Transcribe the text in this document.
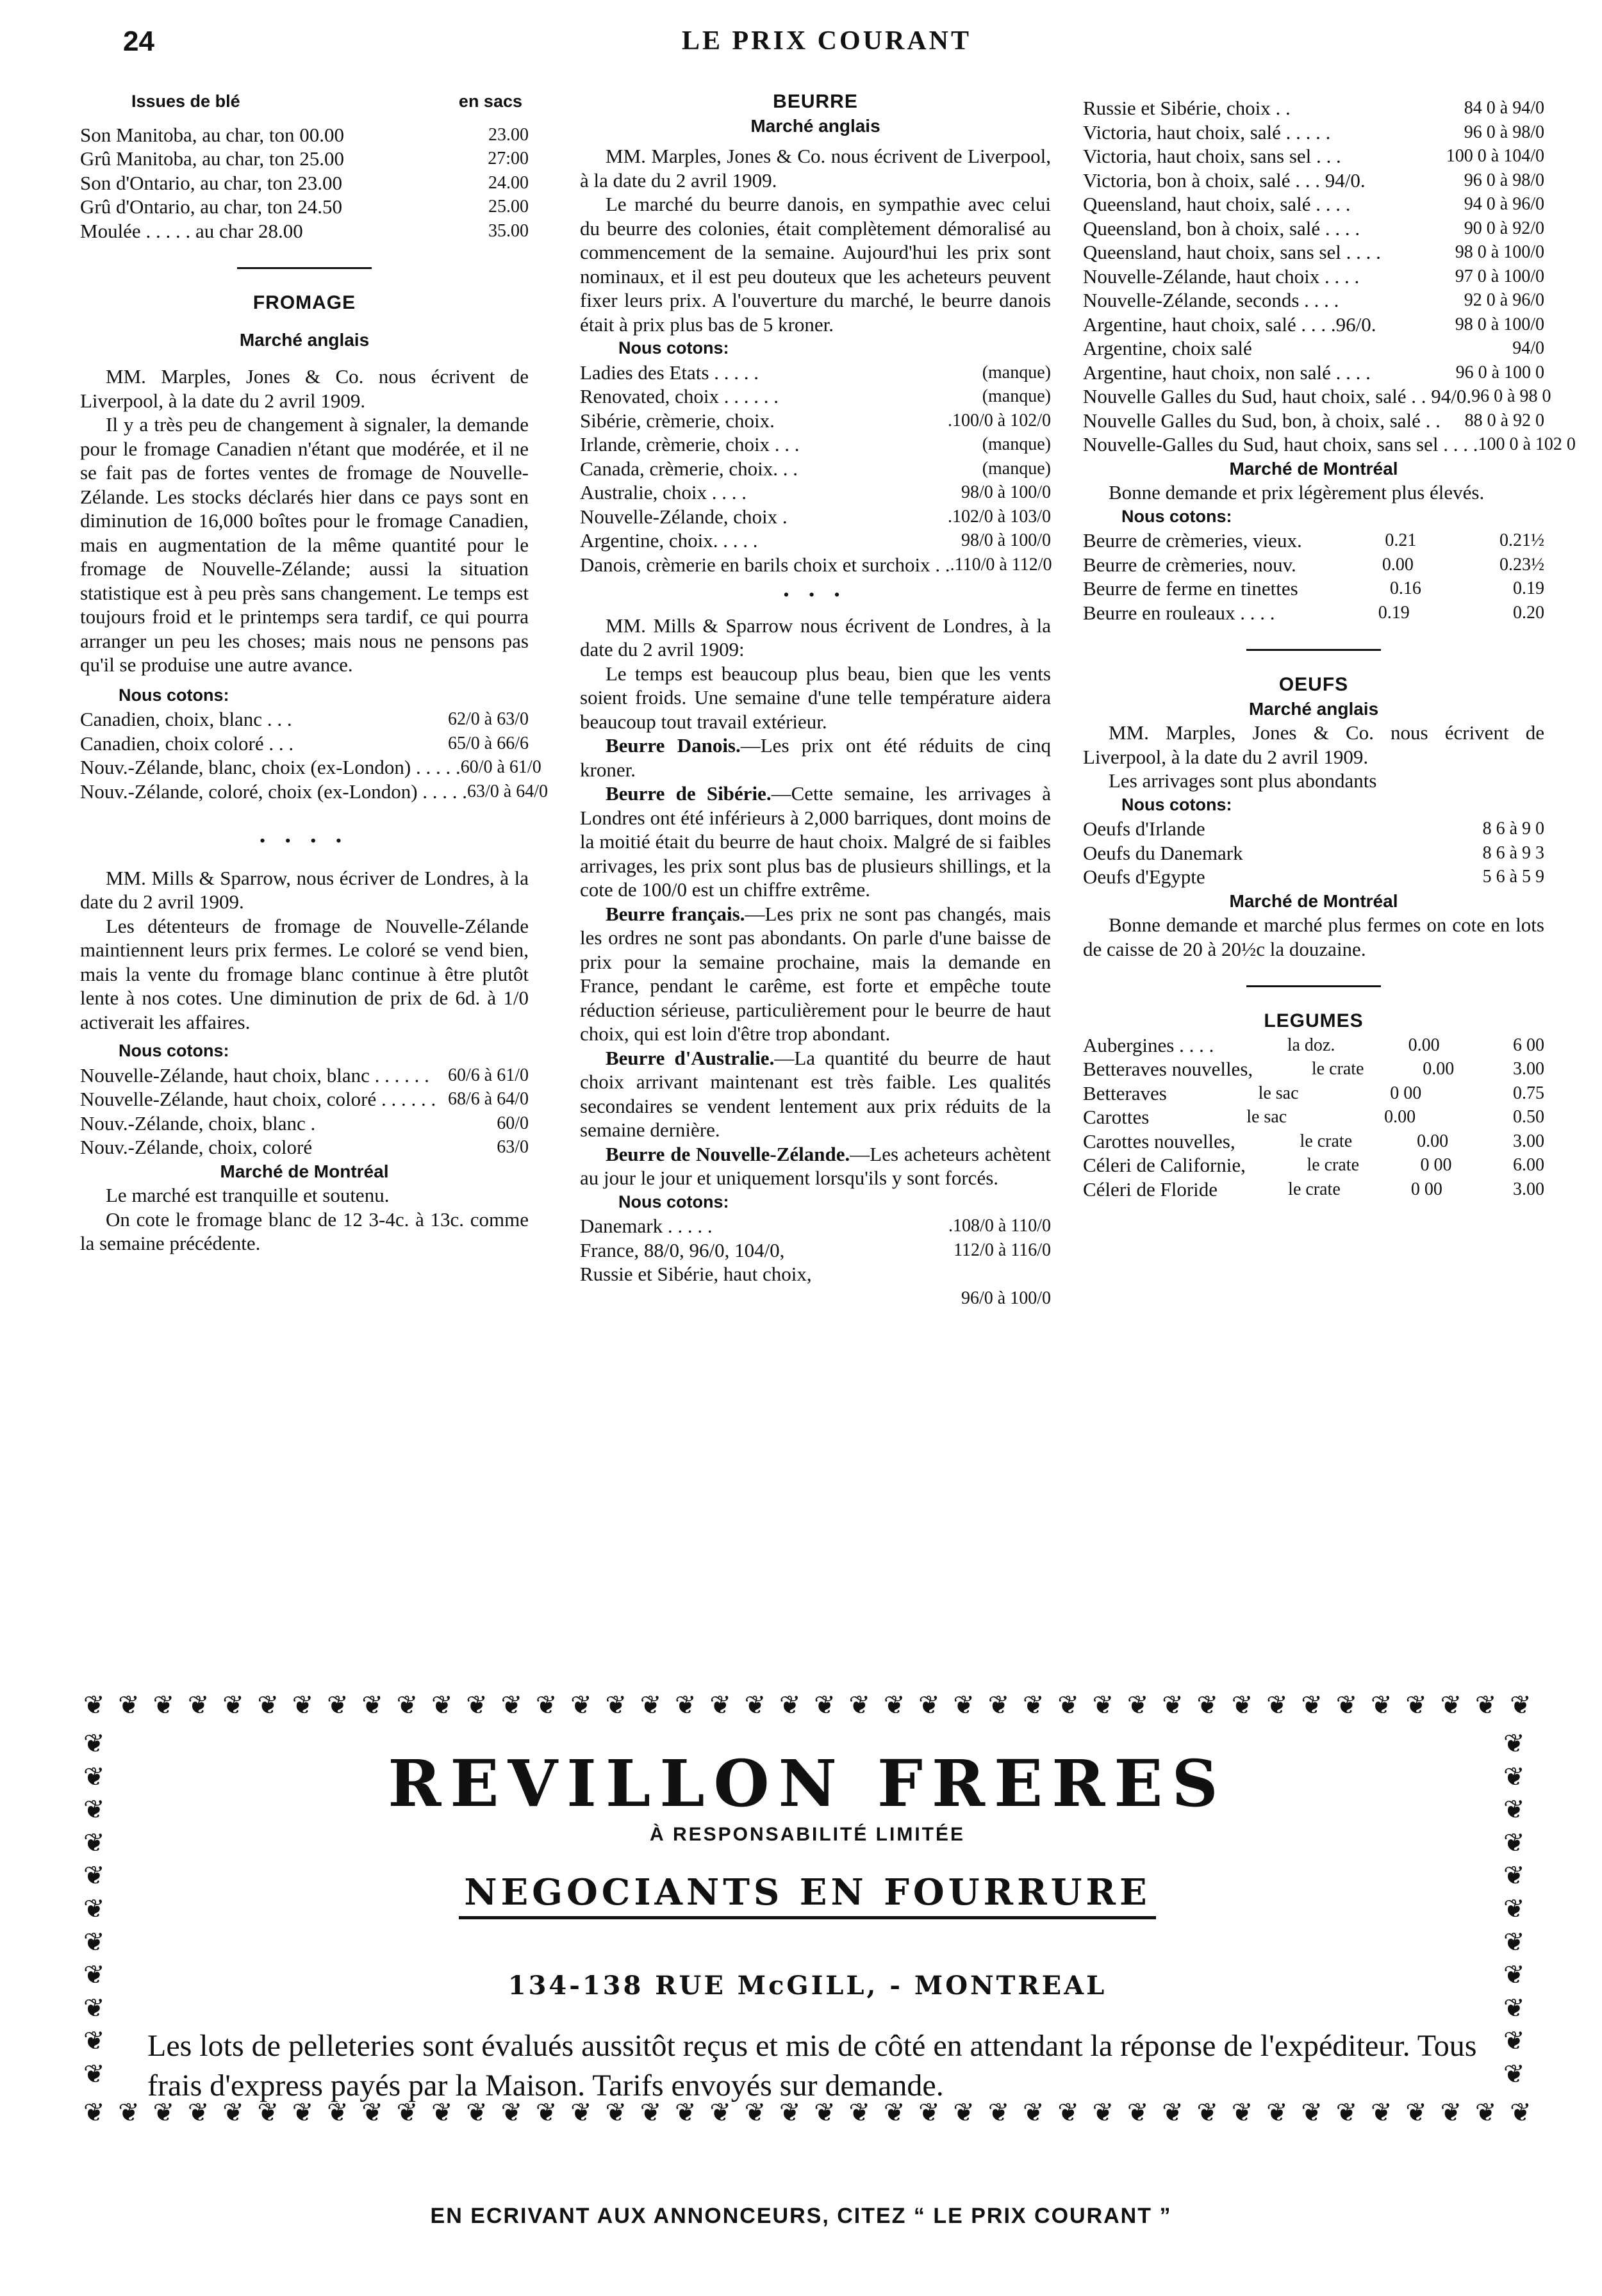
24	LE PRIX COURANT
Issues de blé	en sacs
Son Manitoba, au char, ton 00.00	23.00
Grû Manitoba, au char, ton 25.00	27:00
Son d'Ontario, au char, ton 23.00	24.00
Grû d'Ontario, au char, ton 24.50	25.00
Moulée . . . . . au char 28.00	35.00
FROMAGE
Marché anglais

MM. Marples, Jones & Co. nous écrivent de Liverpool, à la date du 2 avril 1909.

Il y a très peu de changement à signaler, la demande pour le fromage Canadien n'étant que modérée, et il ne se fait pas de fortes ventes de fromage de Nouvelle-Zélande. Les stocks déclarés hier dans ce pays sont en diminution de 16,000 boîtes pour le fromage Canadien, mais en augmentation de la même quantité pour le fromage de Nouvelle-Zélande; aussi la situation statistique est à peu près sans changement. Le temps est toujours froid et le printemps sera tardif, ce qui pourra arranger un peu les choses; mais nous ne pensons pas qu'il se produise une autre avance.

Nous cotons:
Canadien, choix, blanc . . .	62/0 à 63/0
Canadien, choix coloré . . .	65/0 à 66/6
Nouv.-Zélande, blanc, choix (ex-London) . . . . . 60/0 à 61/0
Nouv.-Zélande, coloré, choix (ex-London) . . . . . 63/0 à 64/0
• • • •

MM. Mills & Sparrow, nous écriver de Londres, à la date du 2 avril 1909.

Les détenteurs de fromage de Nouvelle-Zélande maintiennent leurs prix fermes. Le coloré se vend bien, mais la vente du fromage blanc continue à être plutôt lente à nos cotes. Une diminution de prix de 6d. à 1/0 activerait les affaires.

Nous cotons:
Nouvelle-Zélande, haut choix, blanc . . . . . . 60/6 à 61/0
Nouvelle-Zélande, haut choix, coloré . . . . . . 68/6 à 64/0
Nouv.-Zélande, choix, blanc .	60/0
Nouv.-Zélande, choix, coloré	63/0
Marché de Montréal

Le marché est tranquille et soutenu.

On cote le fromage blanc de 12 3-4c. à 13c. comme la semaine précédente.

BEURRE
Marché anglais

MM. Marples, Jones & Co. nous écrivent de Liverpool, à la date du 2 avril 1909.

Le marché du beurre danois, en sympathie avec celui du beurre des colonies, était complètement démoralisé au commencement de la semaine. Aujourd'hui les prix sont nominaux, et il est peu douteux que les acheteurs peuvent fixer leurs prix. A l'ouverture du marché, le beurre danois était à prix plus bas de 5 kroner.

Nous cotons:
Ladies des Etats . . . . .	(manque)
Renovated, choix . . . . . .	(manque)
Sibérie, crèmerie, choix.	.100/0 à 102/0
Irlande, crèmerie, choix . . .	(manque)
Canada, crèmerie, choix. . .	(manque)
Australie, choix . . . .	98/0 à 100/0
Nouvelle-Zélande, choix .	.102/0 à 103/0
Argentine, choix. . . . .	98/0 à 100/0
Danois, crèmerie en barils choix et surchoix . . .110/0 à 112/0
• • •

MM. Mills & Sparrow nous écrivent de Londres, à la date du 2 avril 1909:

Le temps est beaucoup plus beau, bien que les vents soient froids. Une semaine d'une telle température aidera beaucoup tout travail extérieur.

Beurre Danois.—Les prix ont été réduits de cinq kroner.

Beurre de Sibérie.—Cette semaine, les arrivages à Londres ont été inférieurs à 2,000 barriques, dont moins de la moitié était du beurre de haut choix. Malgré de si faibles arrivages, les prix sont plus bas de plusieurs shillings, et la cote de 100/0 est un chiffre extrême.

Beurre français.—Les prix ne sont pas changés, mais les ordres ne sont pas abondants. On parle d'une baisse de prix pour la semaine prochaine, mais la demande en France, pendant le carême, est forte et empêche toute réduction sérieuse, particulièrement pour le beurre de haut choix, qui est loin d'être trop abondant.

Beurre d'Australie.—La quantité du beurre de haut choix arrivant maintenant est très faible. Les qualités secondaires se vendent lentement aux prix réduits de la semaine dernière.

Beurre de Nouvelle-Zélande.—Les acheteurs achètent au jour le jour et uniquement lorsqu'ils y sont forcés.

Nous cotons:
Danemark . . . . .	.108/0 à 110/0
France, 88/0, 96/0, 104/0,	112/0 à 116/0
Russie et Sibérie, haut choix,
96/0 à 100/0
Russie et Sibérie, choix . .	84 0 à 94/0
Victoria, haut choix, salé . . . . .	96 0 à 98/0
Victoria, haut choix, sans sel . . .	100 0 à 104/0
Victoria, bon à choix, salé . . . 94/0.	96 0 à 98/0
Queensland, haut choix, salé . . . .	94 0 à 96/0
Queensland, bon à choix, salé . . . .	90 0 à 92/0
Queensland, haut choix, sans sel . . . .	98 0 à 100/0
Nouvelle-Zélande, haut choix . . . .	97 0 à 100/0
Nouvelle-Zélande, seconds . . . .	92 0 à 96/0
Argentine, haut choix, salé . . . .96/0.	98 0 à 100/0
Argentine, choix salé	94/0
Argentine, haut choix, non salé . . . .	96 0 à 100 0
Nouvelle Galles du Sud, haut choix, salé . . 94/0. 96 0 à 98 0
Nouvelle Galles du Sud, bon, à choix, salé . . 88 0 à 92 0
Nouvelle-Galles du Sud, haut choix, sans sel . . . . 100 0 à 102 0
Marché de Montréal

Bonne demande et prix légèrement plus élevés.

Nous cotons:
Beurre de crèmeries, vieux.	0.21	0.21½
Beurre de crèmeries, nouv.	0.00	0.23½
Beurre de ferme en tinettes	0.16	0.19
Beurre en rouleaux . . . .	0.19	0.20
OEUFS
Marché anglais

MM. Marples, Jones & Co. nous écrivent de Liverpool, à la date du 2 avril 1909.

Les arrivages sont plus abondants

Nous cotons:
Oeufs d'Irlande	8 6 à 9 0
Oeufs du Danemark	8 6 à 9 3
Oeufs d'Egypte	5 6 à 5 9
Marché de Montréal

Bonne demande et marché plus fermes on cote en lots de caisse de 20 à 20½c la douzaine.

LEGUMES
Aubergines . . . .	la doz.	0.00	6 00
Betteraves nouvelles,	le crate	0.00	3.00
Betteraves	le sac	0 00	0.75
Carottes	le sac	0.00	0.50
Carottes nouvelles,	le crate	0.00	3.00
Céleri de Californie,	le crate	0 00	6.00
Céleri de Floride	le crate	0 00	3.00
❦ ❦ ❦ ❦ ❦ ❦ ❦ ❦ ❦ ❦ ❦ ❦ ❦ ❦ ❦ ❦ ❦ ❦ ❦ ❦ ❦ ❦ ❦ ❦ ❦ ❦ ❦ ❦ ❦ ❦ ❦ ❦ ❦ ❦ ❦ ❦ ❦ ❦ ❦ ❦ ❦ ❦
❦ ❦ ❦ ❦ ❦ ❦ ❦ ❦ ❦ ❦ ❦ ❦ ❦ ❦ ❦ ❦ ❦ ❦ ❦ ❦ ❦ ❦ ❦ ❦ ❦ ❦ ❦ ❦ ❦ ❦ ❦ ❦ ❦ ❦ ❦ ❦ ❦ ❦ ❦ ❦ ❦ ❦
❦
❦
❦
❦
❦
❦
❦
❦
❦
❦
❦
❦
❦
❦
❦
❦
❦
❦
❦
❦
❦
❦
REVILLON FRERES
À RESPONSABILITÉ LIMITÉE
NEGOCIANTS EN FOURRURE
134-138 RUE McGILL, - MONTREAL
Les lots de pelleteries sont évalués aussitôt reçus et mis de côté en attendant la réponse de l'expéditeur. Tous frais d'express payés par la Maison. Tarifs envoyés sur demande.
EN ECRIVANT AUX ANNONCEURS, CITEZ “ LE PRIX COURANT ”
